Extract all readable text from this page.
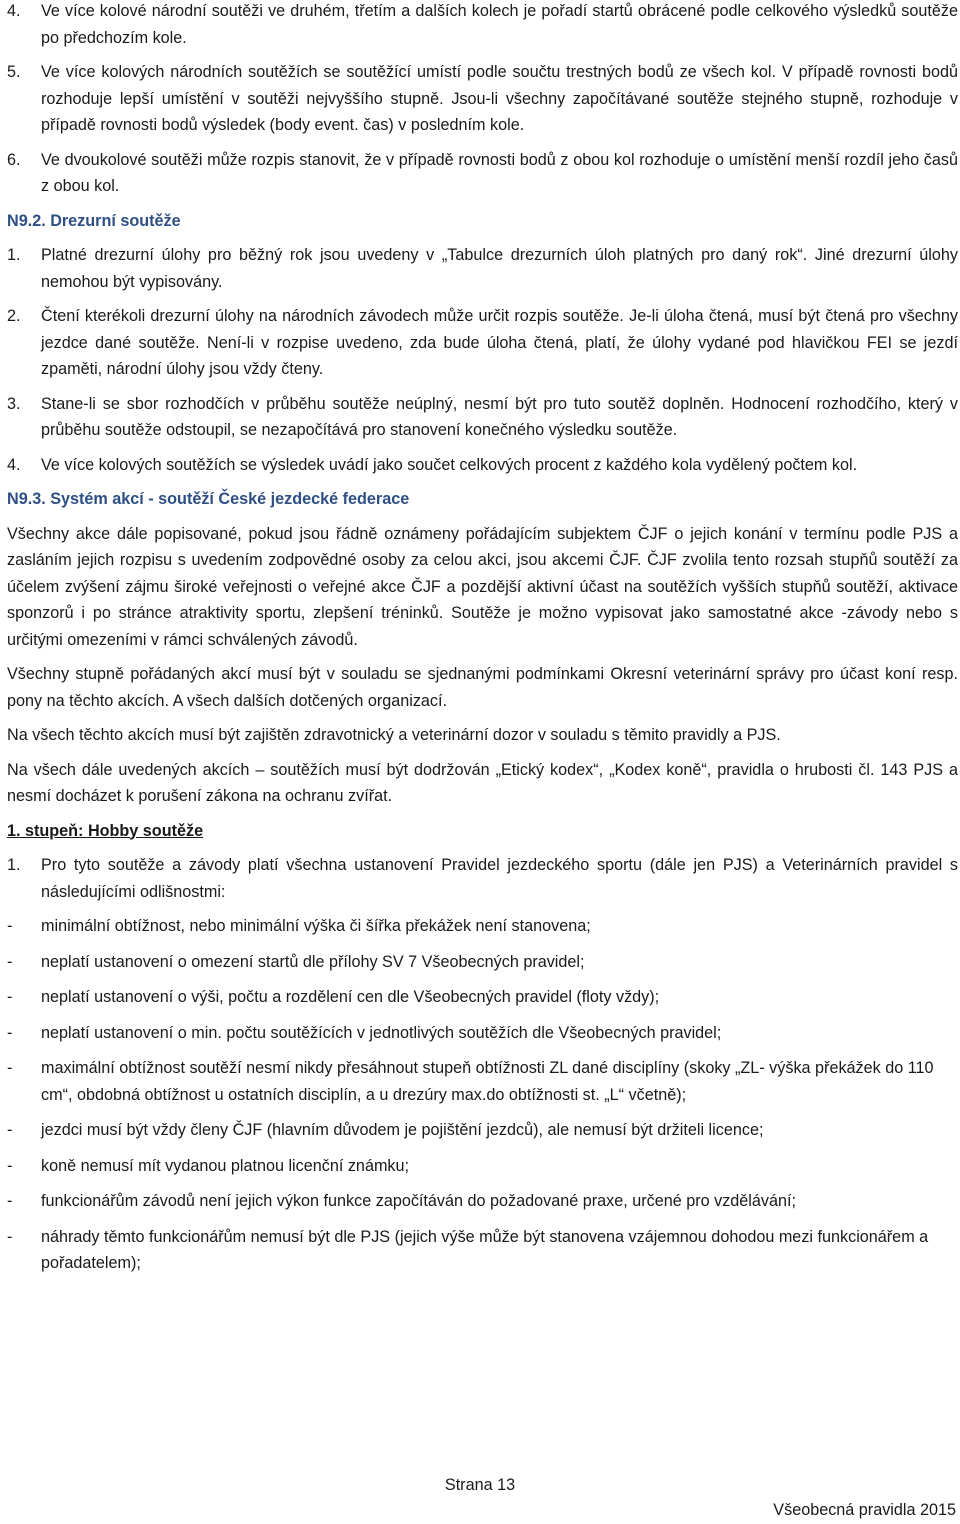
4.	Ve více kolové národní soutěži ve druhém, třetím a dalších kolech je pořadí startů obrácené podle celkového výsledků soutěže po předchozím kole.
5.	Ve více kolových národních soutěžích se soutěžící umístí podle součtu trestných bodů ze všech kol. V případě rovnosti bodů rozhoduje lepší umístění v soutěži nejvyššího stupně. Jsou-li všechny započítávané soutěže stejného stupně, rozhoduje v případě rovnosti bodů výsledek (body event. čas) v posledním kole.
6.	Ve dvoukolové soutěži může rozpis stanovit, že v případě rovnosti bodů z obou kol rozhoduje o umístění menší rozdíl jeho časů z obou kol.
N9.2. Drezurní soutěže
1.	Platné drezurní úlohy pro běžný rok jsou uvedeny v „Tabulce drezurních úloh platných pro daný rok“. Jiné drezurní úlohy nemohou být vypisovány.
2.	Čtení kterékoli drezurní úlohy na národních závodech může určit rozpis soutěže. Je-li úloha čtená, musí být čtená pro všechny jezdce dané soutěže. Není-li v rozpise uvedeno, zda bude úloha čtená, platí, že úlohy vydané pod hlavičkou FEI se jezdí zpaměti, národní úlohy jsou vždy čteny.
3.	Stane-li se sbor rozhodčích v průběhu soutěže neúplný, nesmí být pro tuto soutěž doplněn. Hodnocení rozhodčího, který v průběhu soutěže odstoupil, se nezapočítává pro stanovení konečného výsledku soutěže.
4.	Ve více kolových soutěžích se výsledek uvádí jako součet celkových procent z každého kola vydělený počtem kol.
N9.3. Systém akcí - soutěží České jezdecké federace

Všechny akce dále popisované, pokud jsou řádně oznámeny pořádajícím subjektem ČJF o jejich konání v termínu podle PJS a zasláním jejich rozpisu s uvedením zodpovědné osoby za celou akci, jsou akcemi ČJF. ČJF zvolila tento rozsah stupňů soutěží za účelem zvýšení zájmu široké veřejnosti o veřejné akce ČJF a pozdější aktivní účast na soutěžích vyšších stupňů soutěží, aktivace sponzorů i po stránce atraktivity sportu, zlepšení tréninků. Soutěže je možno vypisovat jako samostatné akce -závody nebo s určitými omezeními v rámci schválených závodů.

Všechny stupně pořádaných akcí musí být v souladu se sjednanými podmínkami Okresní veterinární správy pro účast koní resp. pony na těchto akcích. A všech dalších dotčených organizací.

Na všech těchto akcích musí být zajištěn zdravotnický a veterinární dozor v souladu s těmito pravidly a PJS.

Na všech dále uvedených akcích – soutěžích musí být dodržován „Etický kodex“, „Kodex koně“, pravidla o hrubosti čl. 143 PJS a nesmí docházet k porušení zákona na ochranu zvířat.

1. stupeň: Hobby soutěže
1.	Pro tyto soutěže a závody platí všechna ustanovení Pravidel jezdeckého sportu (dále jen PJS) a Veterinárních pravidel s následujícími odlišnostmi:
-	minimální obtížnost, nebo minimální výška či šířka překážek není stanovena;
-	neplatí ustanovení o omezení startů dle přílohy SV 7 Všeobecných pravidel;
-	neplatí ustanovení o výši, počtu a rozdělení cen dle Všeobecných pravidel (floty vždy);
-	neplatí ustanovení o min. počtu soutěžících v jednotlivých soutěžích dle Všeobecných pravidel;
-	maximální obtížnost soutěží nesmí nikdy přesáhnout stupeň obtížnosti ZL dané disciplíny (skoky „ZL- výška překážek do 110 cm“, obdobná obtížnost u ostatních disciplín, a u drezúry max.do obtížnosti st. „L“ včetně);
-	jezdci musí být vždy členy ČJF (hlavním důvodem je pojištění jezdců), ale nemusí být držiteli licence;
-	koně nemusí mít vydanou platnou licenční známku;
-	funkcionářům závodů není jejich výkon funkce započítáván do požadované praxe, určené pro vzdělávání;
-	náhrady těmto funkcionářům nemusí být dle PJS (jejich výše může být stanovena vzájemnou dohodou mezi funkcionářem a pořadatelem);
Strana 13
Všeobecná pravidla 2015
